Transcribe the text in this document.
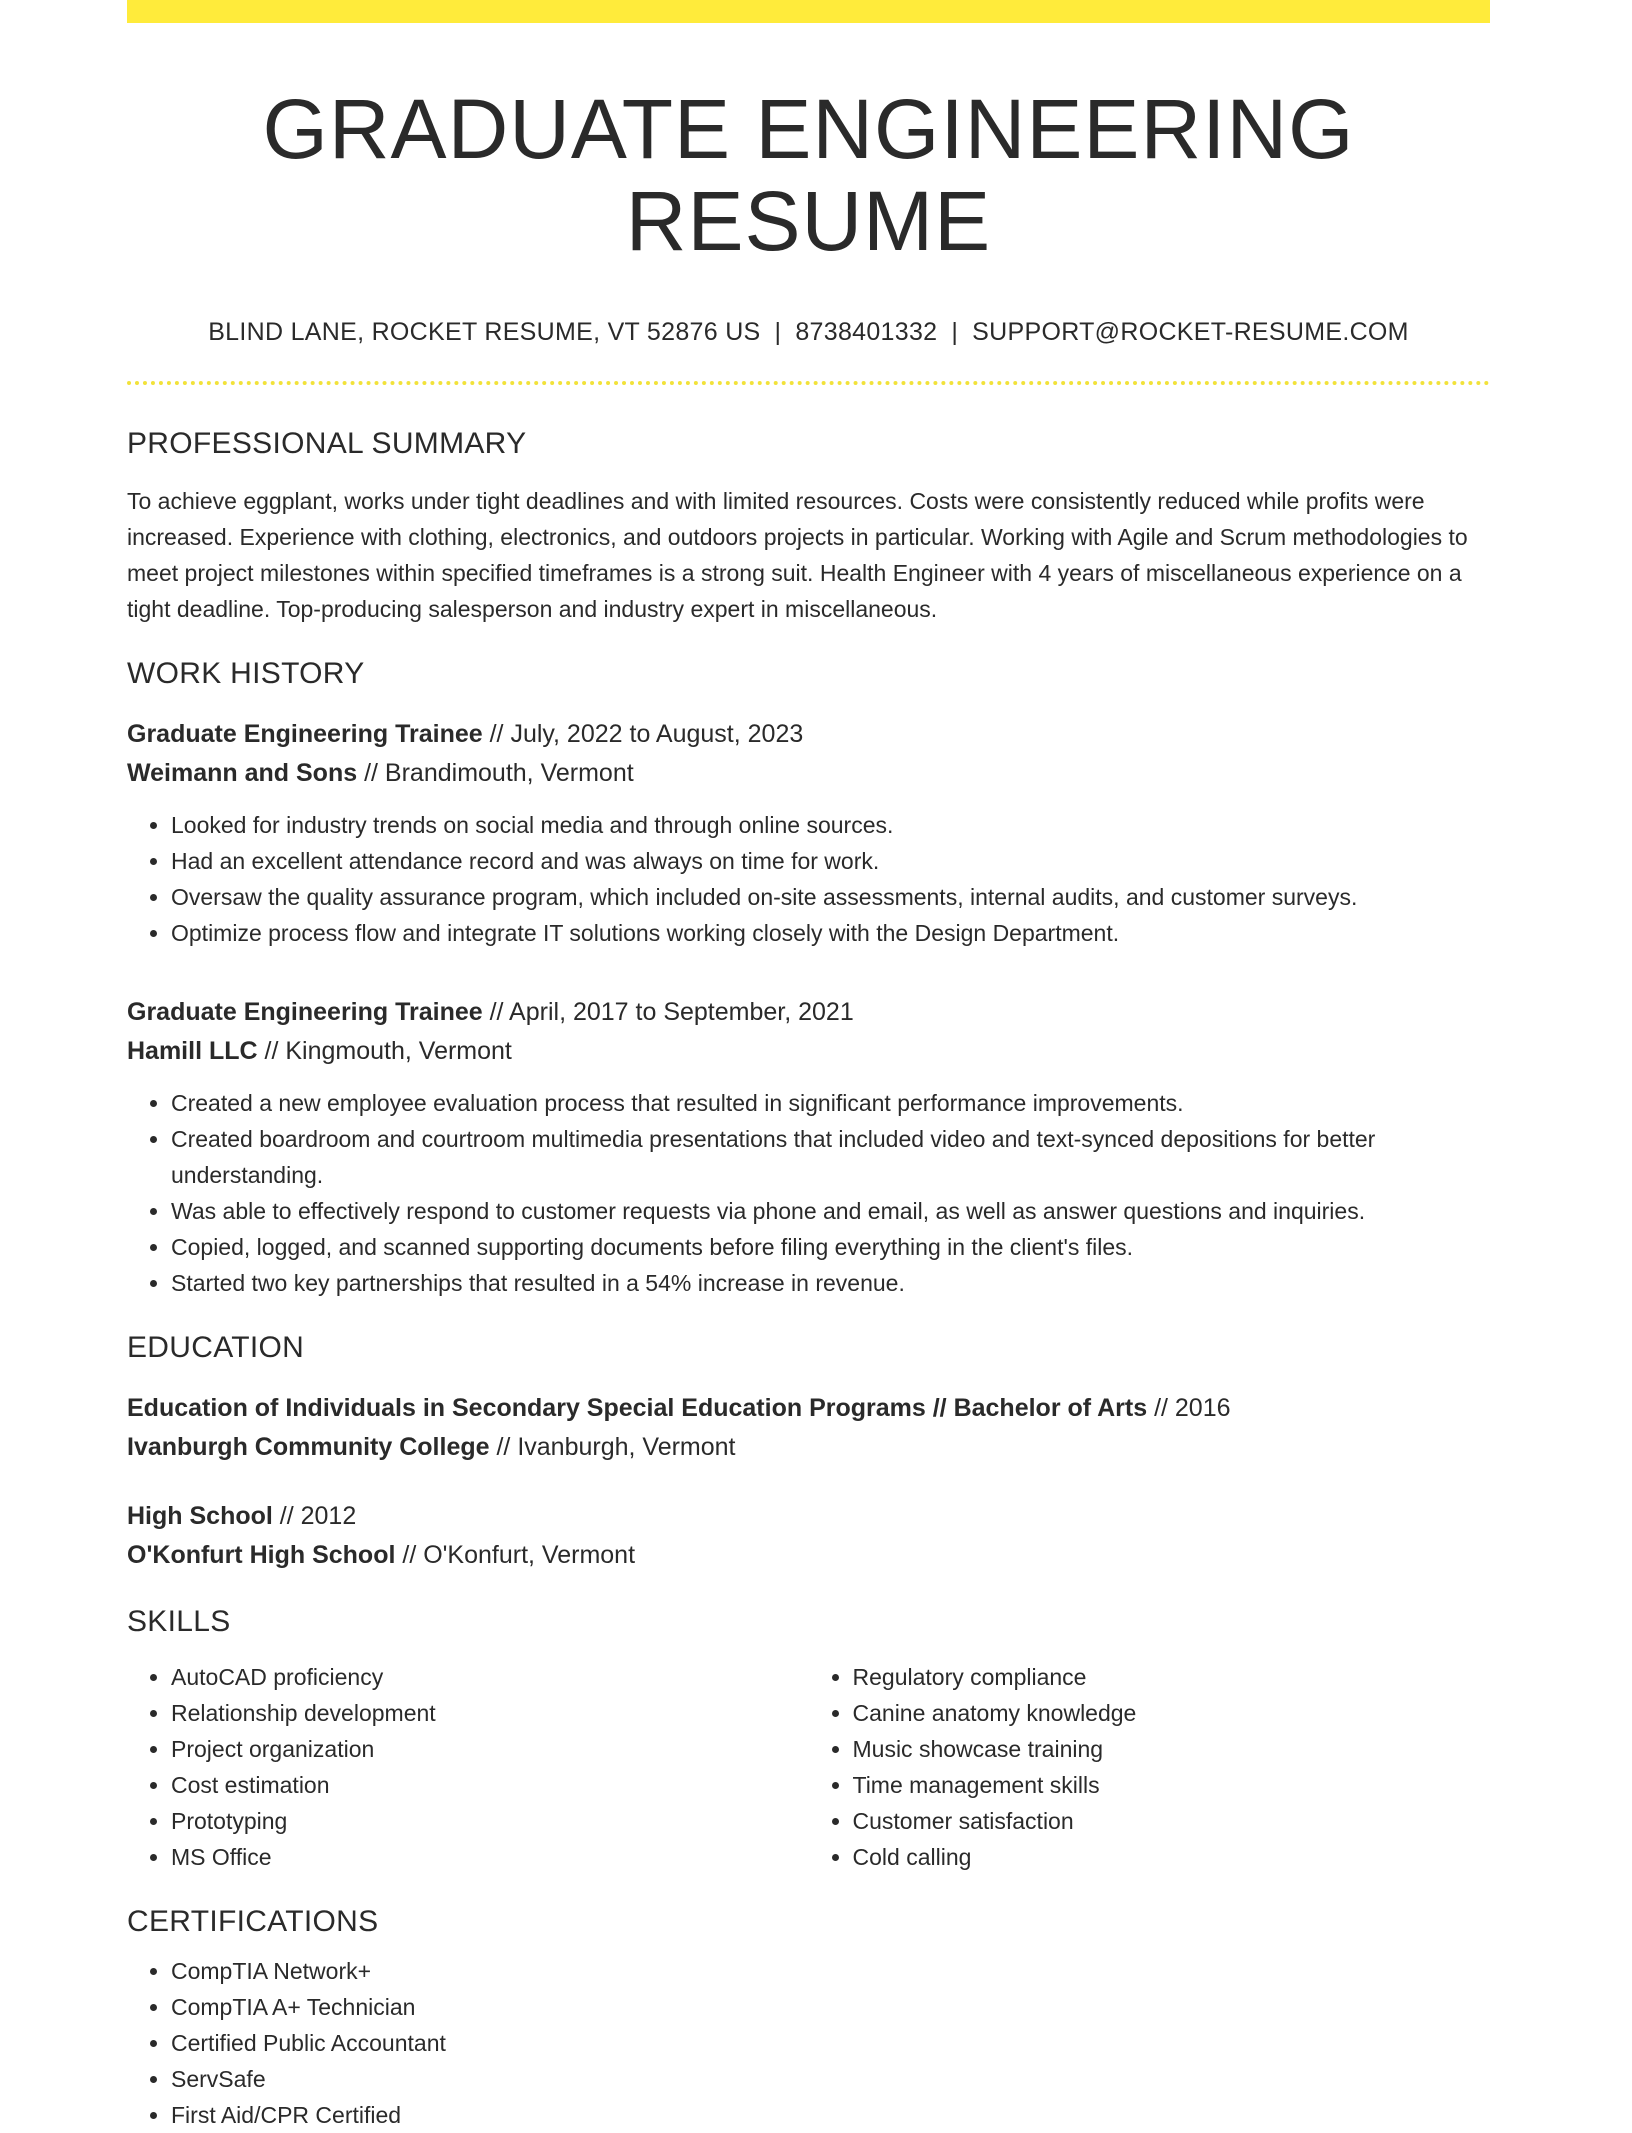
GRADUATE ENGINEERING RESUME
BLIND LANE, ROCKET RESUME, VT 52876 US | 8738401332 | SUPPORT@ROCKET-RESUME.COM
PROFESSIONAL SUMMARY

To achieve eggplant, works under tight deadlines and with limited resources. Costs were consistently reduced while profits were increased. Experience with clothing, electronics, and outdoors projects in particular. Working with Agile and Scrum methodologies to meet project milestones within specified timeframes is a strong suit. Health Engineer with 4 years of miscellaneous experience on a tight deadline. Top-producing salesperson and industry expert in miscellaneous.

WORK HISTORY
Graduate Engineering Trainee // July, 2022 to August, 2023
Weimann and Sons // Brandimouth, Vermont
• Looked for industry trends on social media and through online sources.
• Had an excellent attendance record and was always on time for work.
• Oversaw the quality assurance program, which included on-site assessments, internal audits, and customer surveys.
• Optimize process flow and integrate IT solutions working closely with the Design Department.
Graduate Engineering Trainee // April, 2017 to September, 2021
Hamill LLC // Kingmouth, Vermont
• Created a new employee evaluation process that resulted in significant performance improvements.
• Created boardroom and courtroom multimedia presentations that included video and text-synced depositions for better understanding.
• Was able to effectively respond to customer requests via phone and email, as well as answer questions and inquiries.
• Copied, logged, and scanned supporting documents before filing everything in the client's files.
• Started two key partnerships that resulted in a 54% increase in revenue.
EDUCATION
Education of Individuals in Secondary Special Education Programs // Bachelor of Arts // 2016
Ivanburgh Community College // Ivanburgh, Vermont
High School // 2012
O'Konfurt High School // O'Konfurt, Vermont
SKILLS
• AutoCAD proficiency
• Relationship development
• Project organization
• Cost estimation
• Prototyping
• MS Office
• Regulatory compliance
• Canine anatomy knowledge
• Music showcase training
• Time management skills
• Customer satisfaction
• Cold calling
CERTIFICATIONS
• CompTIA Network+
• CompTIA A+ Technician
• Certified Public Accountant
• ServSafe
• First Aid/CPR Certified
